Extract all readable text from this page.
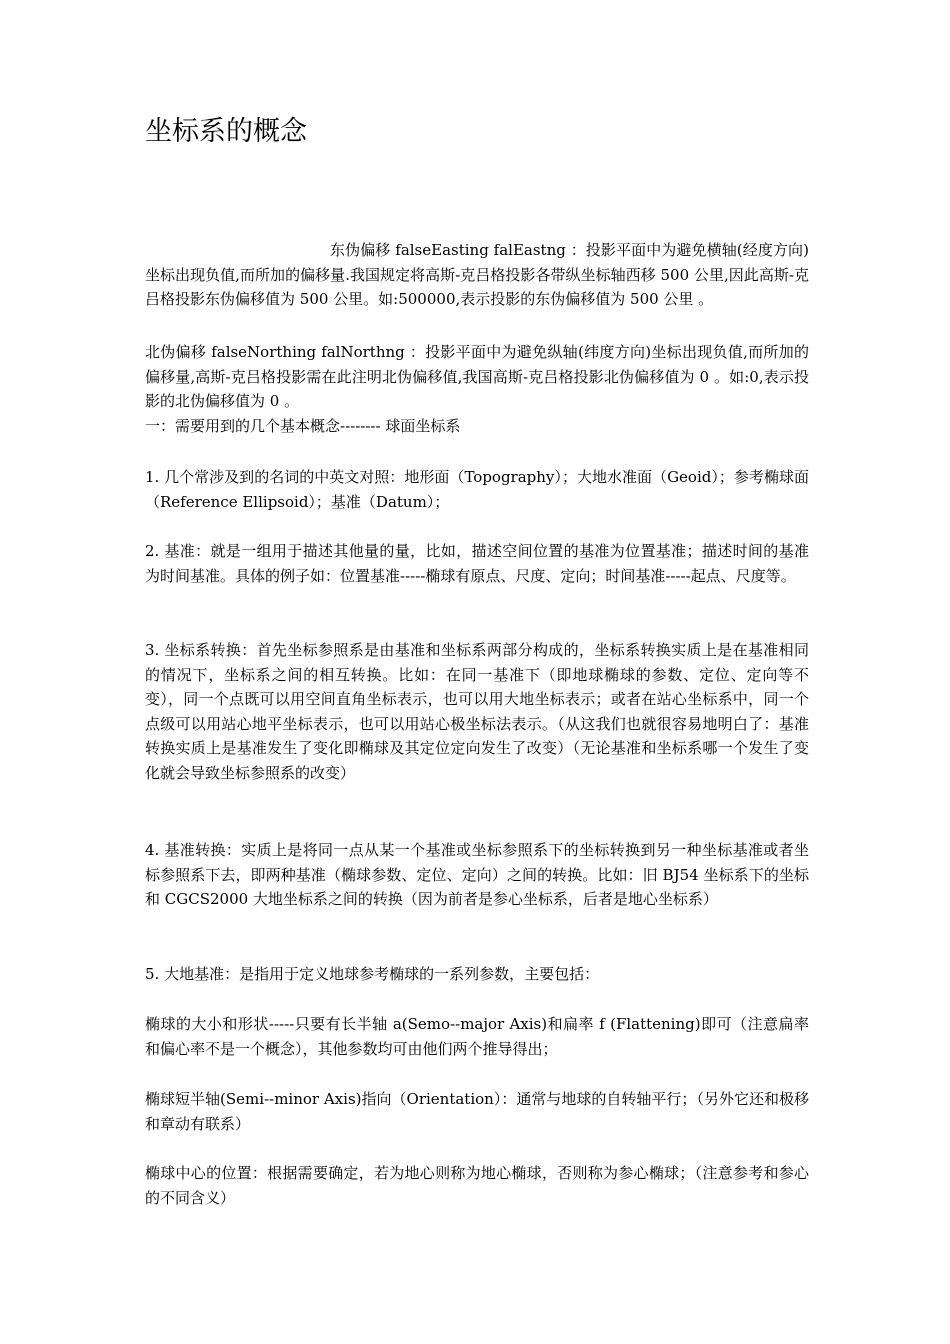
坐标系的概念

东伪偏移 falseEasting falEastng ：投影平面中为避免横轴(经度方向)坐标出现负值,而所加的偏移量.我国规定将高斯-克吕格投影各带纵坐标轴西移 500 公里,因此高斯-克吕格投影东伪偏移值为 500 公里。如:500000,表示投影的东伪偏移值为 500 公里 。

北伪偏移 falseNorthing falNorthng ：投影平面中为避免纵轴(纬度方向)坐标出现负值,而所加的偏移量,高斯-克吕格投影需在此注明北伪偏移值,我国高斯-克吕格投影北伪偏移值为 0 。如:0,表示投影的北伪偏移值为 0 。

一：需要用到的几个基本概念-------- 球面坐标系

1. 几个常涉及到的名词的中英文对照：地形面（Topography）；大地水准面（Geoid）；参考椭球面（Reference Ellipsoid）；基准（Datum）；

2. 基准：就是一组用于描述其他量的量，比如，描述空间位置的基准为位置基准；描述时间的基准为时间基准。具体的例子如：位置基准-----椭球有原点、尺度、定向；时间基准-----起点、尺度等。

3. 坐标系转换：首先坐标参照系是由基准和坐标系两部分构成的，坐标系转换实质上是在基准相同的情况下，坐标系之间的相互转换。比如：在同一基准下（即地球椭球的参数、定位、定向等不变），同一个点既可以用空间直角坐标表示，也可以用大地坐标表示；或者在站心坐标系中，同一个点级可以用站心地平坐标表示，也可以用站心极坐标法表示。（从这我们也就很容易地明白了：基准转换实质上是基准发生了变化即椭球及其定位定向发生了改变）（无论基准和坐标系哪一个发生了变化就会导致坐标参照系的改变）

4. 基准转换：实质上是将同一点从某一个基准或坐标参照系下的坐标转换到另一种坐标基准或者坐标参照系下去，即两种基准（椭球参数、定位、定向）之间的转换。比如：旧 BJ54 坐标系下的坐标和 CGCS2000 大地坐标系之间的转换（因为前者是参心坐标系，后者是地心坐标系）

5. 大地基准：是指用于定义地球参考椭球的一系列参数，主要包括：

椭球的大小和形状-----只要有长半轴 a(Semo--major Axis)和扁率 f (Flattening)即可（注意扁率和偏心率不是一个概念），其他参数均可由他们两个推导得出；

椭球短半轴(Semi--minor Axis)指向（Orientation）：通常与地球的自转轴平行；（另外它还和极移和章动有联系）

椭球中心的位置：根据需要确定，若为地心则称为地心椭球，否则称为参心椭球；（注意参考和参心的不同含义）
